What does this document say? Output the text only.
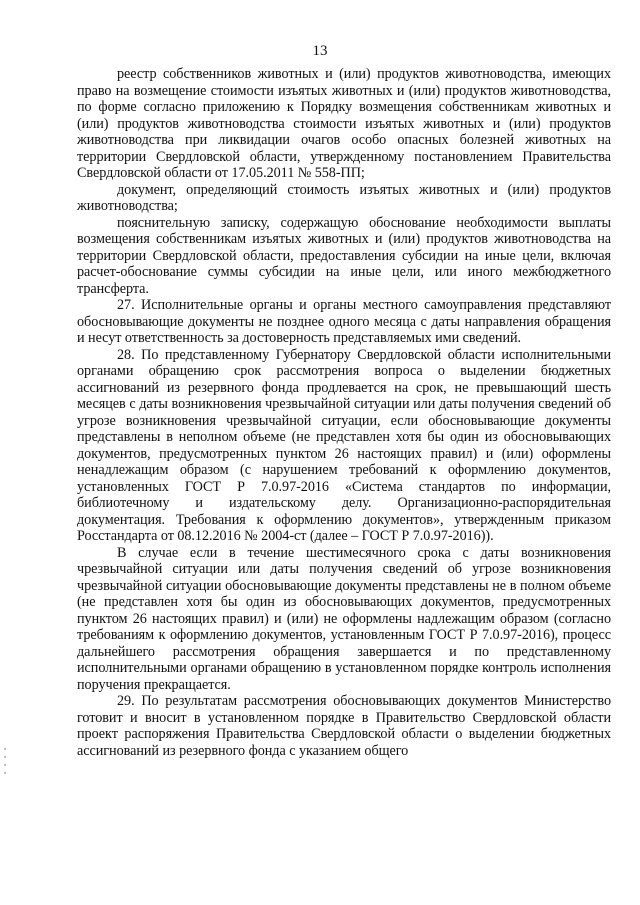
13

реестр собственников животных и (или) продуктов животноводства, имеющих право на возмещение стоимости изъятых животных и (или) продуктов животноводства, по форме согласно приложению к Порядку возмещения собственникам животных и (или) продуктов животноводства стоимости изъятых животных и (или) продуктов животноводства при ликвидации очагов особо опасных болезней животных на территории Свердловской области, утвержденному постановлением Правительства Свердловской области от 17.05.2011 № 558-ПП;

документ, определяющий стоимость изъятых животных и (или) продуктов животноводства;

пояснительную записку, содержащую обоснование необходимости выплаты возмещения собственникам изъятых животных и (или) продуктов животноводства на территории Свердловской области, предоставления субсидии на иные цели, включая расчет-обоснование суммы субсидии на иные цели, или иного межбюджетного трансферта.

27. Исполнительные органы и органы местного самоуправления представляют обосновывающие документы не позднее одного месяца с даты направления обращения и несут ответственность за достоверность представляемых ими сведений.

28. По представленному Губернатору Свердловской области исполнительными органами обращению срок рассмотрения вопроса о выделении бюджетных ассигнований из резервного фонда продлевается на срок, не превышающий шесть месяцев с даты возникновения чрезвычайной ситуации или даты получения сведений об угрозе возникновения чрезвычайной ситуации, если обосновывающие документы представлены в неполном объеме (не представлен хотя бы один из обосновывающих документов, предусмотренных пунктом 26 настоящих правил) и (или) оформлены ненадлежащим образом (с нарушением требований к оформлению документов, установленных ГОСТ Р 7.0.97-2016 «Система стандартов по информации, библиотечному и издательскому делу. Организационно-распорядительная документация. Требования к оформлению документов», утвержденным приказом Росстандарта от 08.12.2016 № 2004-ст (далее – ГОСТ Р 7.0.97-2016)).

В случае если в течение шестимесячного срока с даты возникновения чрезвычайной ситуации или даты получения сведений об угрозе возникновения чрезвычайной ситуации обосновывающие документы представлены не в полном объеме (не представлен хотя бы один из обосновывающих документов, предусмотренных пунктом 26 настоящих правил) и (или) не оформлены надлежащим образом (согласно требованиям к оформлению документов, установленным ГОСТ Р 7.0.97-2016), процесс дальнейшего рассмотрения обращения завершается и по представленному исполнительными органами обращению в установленном порядке контроль исполнения поручения прекращается.

29. По результатам рассмотрения обосновывающих документов Министерство готовит и вносит в установленном порядке в Правительство Свердловской области проект распоряжения Правительства Свердловской области о выделении бюджетных ассигнований из резервного фонда с указанием общего
